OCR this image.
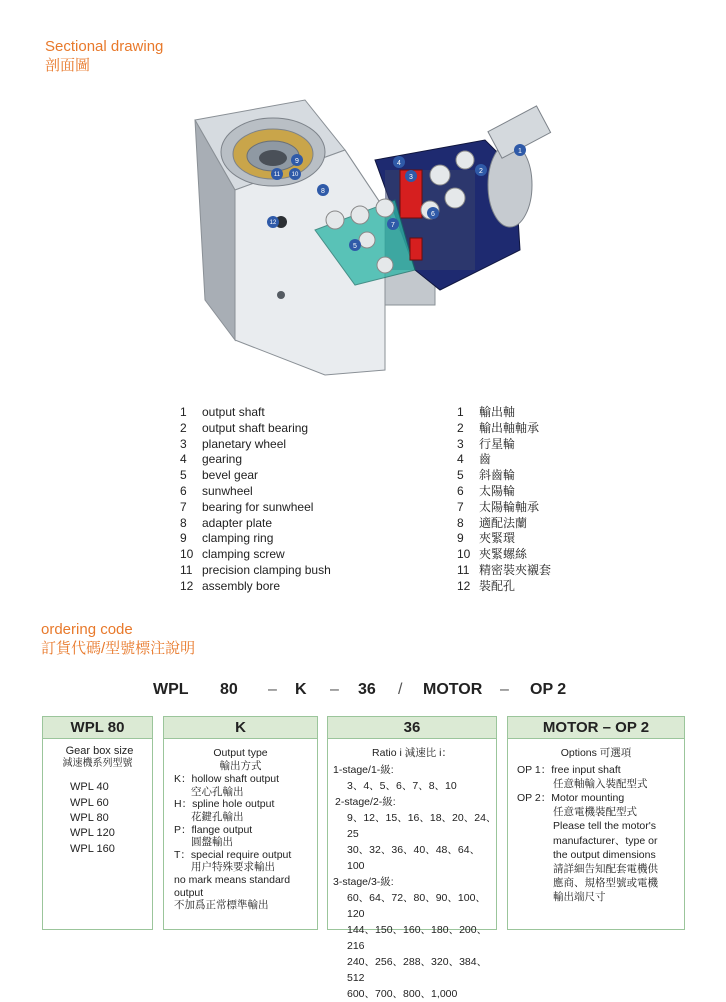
Sectional drawing
剖面圖
1
2
3
4
5
6
7
8
9
10
11
12
1	output shaft
2	output shaft bearing
3	planetary wheel
4	gearing
5	bevel gear
6	sunwheel
7	bearing for sunwheel
8	adapter plate
9	clamping ring
10 clamping screw
11 precision clamping bush
12 assembly bore
1	輸出軸
2	輸出軸軸承
3	行星輪
4	齒
5	斜齒輪
6	太陽輪
7	太陽輪軸承
8	適配法蘭
9	夾緊環
10 夾緊螺絲
11 精密裝夾襯套
12 裝配孔
ordering code
訂貨代碼/型號標注說明
WPL 80 – K – 36 / MOTOR – OP 2
WPL 80
Gear box size
減速機系列型號
WPL 40
WPL 60
WPL 80
WPL 120
WPL 160
K
Output type
輸出方式
K：hollow shaft output
空心孔輸出
H：spline hole output
花鍵孔輸出
P：flange output
圓盤輸出
T：special require output
用户特殊要求輸出
no mark means standard
output
不加爲正常標準輸出
36
Ratio i 減速比 i：
1-stage/1-級:
3、4、5、6、7、8、10
2-stage/2-級:
9、12、15、16、18、20、24、25
30、32、36、40、48、64、100
3-stage/3-級:
60、64、72、80、90、100、120
144、150、160、180、200、216
240、256、288、320、384、512
600、700、800、1,000
MOTOR – OP 2
Options 可選項
OP 1：free input shaft
任意軸輸入裝配型式
OP 2：Motor mounting
任意電機裝配型式
Please tell the motor's
manufacturer、type or
the output dimensions
請詳細告知配套電機供
應商、規格型號或電機
輸出端尺寸
